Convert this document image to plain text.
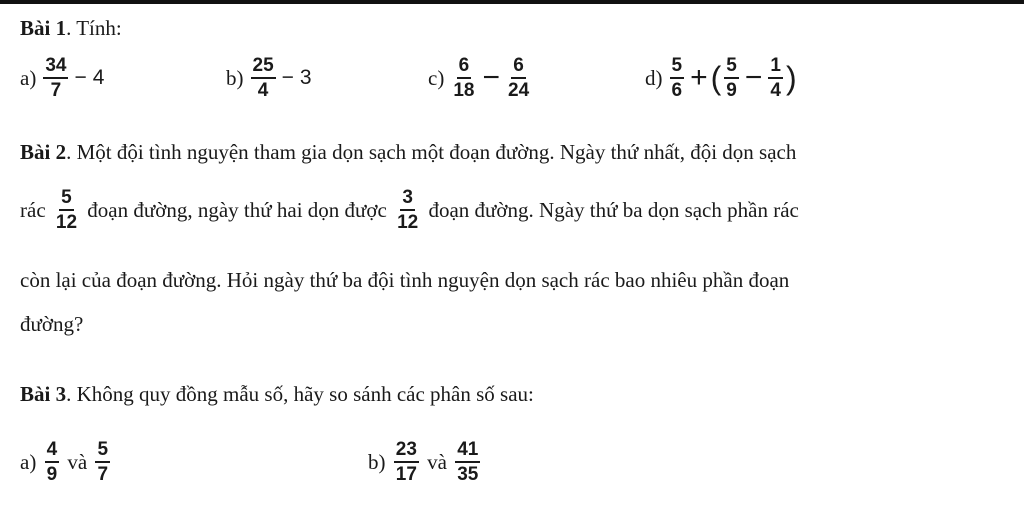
Bài 1. Tính:
$a) \frac{34}{7} - 4$	$b) \frac{25}{4} - 3$	$c) \frac{6}{18} - \frac{6}{24}$	$d) \frac{5}{6}$ +( $\frac{5}{9} - \frac{1}{4}$ )
Bài 2. Một đội tình nguyện tham gia dọn sạch một đoạn đường. Ngày thứ nhất, đội dọn sạch
rác $\frac{5}{12}$ đoạn đường, ngày thứ hai dọn được $\frac{3}{12}$ đoạn đường. Ngày thứ ba dọn sạch phần rác
còn lại của đoạn đường. Hỏi ngày thứ ba đội tình nguyện dọn sạch rác bao nhiêu phần đoạn
đường?
Bài 3. Không quy đồng mẫu số, hãy so sánh các phân số sau:
$a) \frac{4}{9}$ và $\frac{5}{7}$	$b) \frac{23}{17}$ và $\frac{41}{35}$
